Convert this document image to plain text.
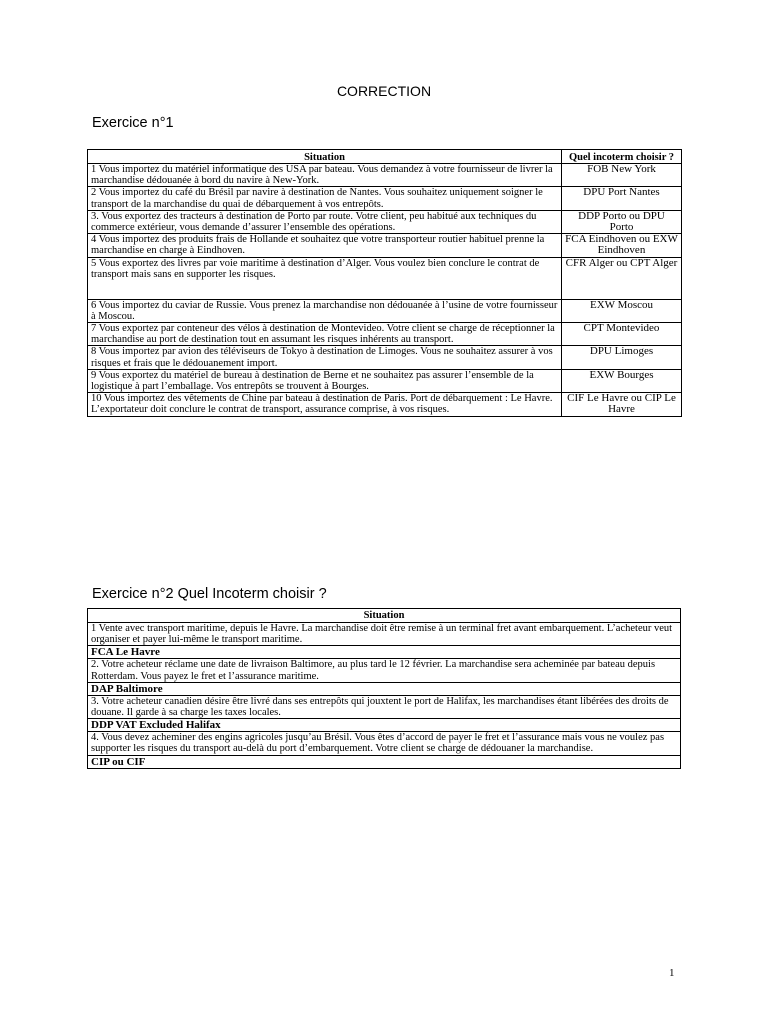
CORRECTION
Exercice n°1
Situation	Quel incoterm choisir ?
1 Vous importez du matériel informatique des USA par bateau. Vous demandez à votre fournisseur de livrer la marchandise dédouanée à bord du navire à New-York.	FOB New York
2 Vous importez du café du Brésil par navire à destination de Nantes. Vous souhaitez uniquement soigner le transport de la marchandise du quai de débarquement à vos entrepôts.	DPU Port Nantes
3. Vous exportez des tracteurs à destination de Porto par route. Votre client, peu habitué aux techniques du commerce extérieur, vous demande d’assurer l’ensemble des opérations.	DDP Porto ou DPU Porto
4 Vous importez des produits frais de Hollande et souhaitez que votre transporteur routier habituel prenne la marchandise en charge à Eindhoven.	FCA Eindhoven ou EXW Eindhoven
5 Vous exportez des livres par voie maritime à destination d’Alger. Vous voulez bien conclure le contrat de transport mais sans en supporter les risques.	CFR Alger ou CPT Alger
6 Vous importez du caviar de Russie. Vous prenez la marchandise non dédouanée à l’usine de votre fournisseur à Moscou.	EXW Moscou
7 Vous exportez par conteneur des vélos à destination de Montevideo. Votre client se charge de réceptionner la marchandise au port de destination tout en assumant les risques inhérents au transport.	CPT Montevideo
8 Vous importez par avion des téléviseurs de Tokyo à destination de Limoges. Vous ne souhaitez assurer à vos risques et frais que le dédouanement import.	DPU Limoges
9 Vous exportez du matériel de bureau à destination de Berne et ne souhaitez pas assurer l’ensemble de la logistique à part l’emballage. Vos entrepôts se trouvent à Bourges.	EXW Bourges
10 Vous importez des vêtements de Chine par bateau à destination de Paris. Port de débarquement : Le Havre. L’exportateur doit conclure le contrat de transport, assurance comprise, à vos risques.	CIF Le Havre ou CIP Le Havre
Exercice n°2 Quel Incoterm choisir ?
Situation
1 Vente avec transport maritime, depuis le Havre. La marchandise doit être remise à un terminal fret avant embarquement. L’acheteur veut organiser et payer lui-même le transport maritime.
FCA Le Havre
2. Votre acheteur réclame une date de livraison Baltimore, au plus tard le 12 février. La marchandise sera acheminée par bateau depuis Rotterdam. Vous payez le fret et l’assurance maritime.
DAP Baltimore
3. Votre acheteur canadien désire être livré dans ses entrepôts qui jouxtent le port de Halifax, les marchandises étant libérées des droits de douane. Il garde à sa charge les taxes locales.
DDP VAT Excluded Halifax
4. Vous devez acheminer des engins agricoles jusqu’au Brésil. Vous êtes d’accord de payer le fret et l’assurance mais vous ne voulez pas supporter les risques du transport au-delà du port d’embarquement. Votre client se charge de dédouaner la marchandise.
CIP ou CIF
1
